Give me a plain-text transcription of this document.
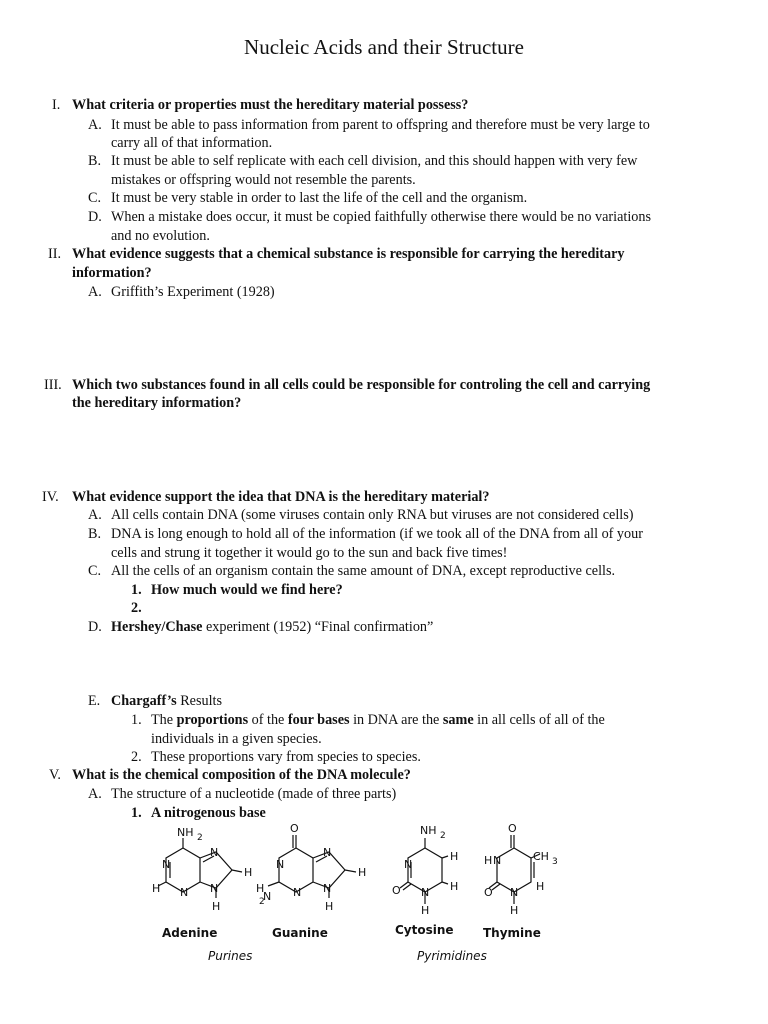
Nucleic Acids and their Structure
I. What criteria or properties must the hereditary material possess?
A. It must be able to pass information from parent to offspring and therefore must be very large to
carry all of that information.
B. It must be able to self replicate with each cell division, and this should happen with very few
mistakes or offspring would not resemble the parents.
C. It must be very stable in order to last the life of the cell and the organism.
D. When a mistake does occur, it must be copied faithfully otherwise there would be no variations
and no evolution.
II. What evidence suggests that a chemical substance is responsible for carrying the hereditary
information?
A. Griffith’s Experiment (1928)
III. Which two substances found in all cells could be responsible for controling the cell and carrying
the hereditary information?
IV. What evidence support the idea that DNA is the hereditary material?
A. All cells contain DNA (some viruses contain only RNA but viruses are not considered cells)
B. DNA is long enough to hold all of the information (if we took all of the DNA from all of your
cells and strung it together it would go to the sun and back five times!
C. All the cells of an organism contain the same amount of DNA, except reproductive cells.
1. How much would we find here?
2.
D. Hershey/Chase experiment (1952) “Final confirmation”
E. Chargaff’s Results
1. The proportions of the four bases in DNA are the same in all cells of all of the
individuals in a given species.
2. These proportions vary from species to species.
V. What is the chemical composition of the DNA molecule?
A. The structure of a nucleotide (made of three parts)
1. A nitrogenous base
NH 2
N
N
N N
H
H
H
O
N
N
N N
H
N
2
H
H
NH 2
N
N
H
H
O
H
O
H N	CH 3
O N H
H
Adenine	Guanine	Cytosine Thymine
Purines	Pyrimidines
